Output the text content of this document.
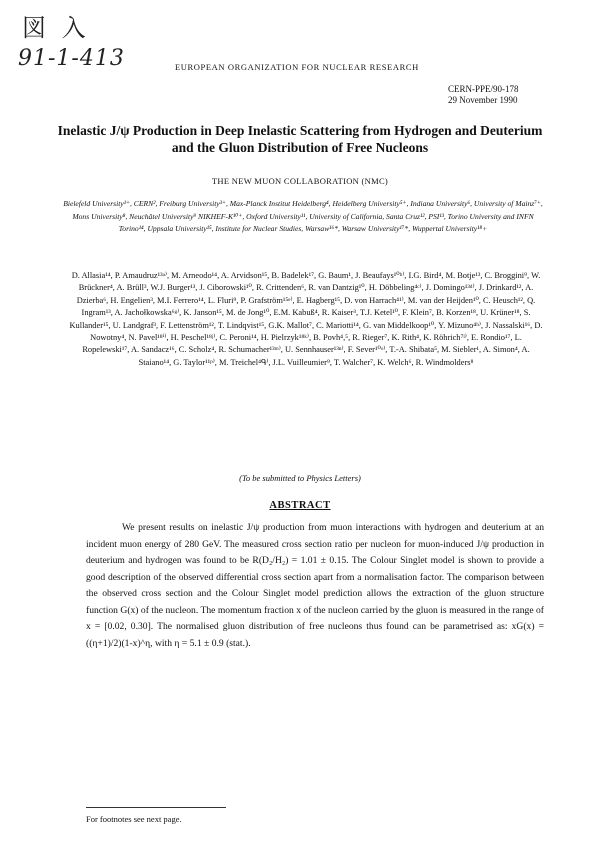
図 入
91-1-413	EUROPEAN ORGANIZATION FOR NUCLEAR RESEARCH
CERN-PPE/90-178
29 November 1990
Inelastic J/ψ Production in Deep Inelastic Scattering from Hydrogen and Deuterium and the Gluon Distribution of Free Nucleons
THE NEW MUON COLLABORATION (NMC)
Bielefeld University¹⁺, CERN², Freiburg University³⁺, Max-Planck Institut Heidelberg⁴, Heidelberg University⁵⁺, Indiana University⁶, University of Mainz⁷⁺, Mons University⁸, Neuchâtel University⁹ NIKHEF-K¹⁰⁺, Oxford University¹¹, University of California, Santa Cruz¹², PSI¹³, Torino University and INFN Torino¹⁴, Uppsala University¹⁵, Institute for Nuclear Studies, Warsaw¹⁶*, Warsaw University¹⁷*, Wuppertal University¹⁸+
D. Allasia¹⁴, P. Amaudruz¹³ᵃ⁾, M. Arneodo¹⁴, A. Arvidson¹⁵, B. Badelek¹⁷, G. Baum¹, J. Beaufays¹⁰ᵇ⁾, I.G. Bird⁴, M. Botje¹³, C. Broggini⁹, W. Brückner⁴, A. Brüll³, W.J. Burger¹³, J. Ciborowski¹⁰, R. Crittenden⁶, R. van Dantzig¹⁰, H. Döbbeling⁴ᶜ⁾, J. Domingo¹³ᵈ⁾, J. Drinkard¹², A. Dzierba⁶, H. Engelien³, M.I. Ferrero¹⁴, L. Fluri⁹, P. Grafström¹⁵ᵉ⁾, E. Hagberg¹⁵, D. von Harrach⁴¹⁾, M. van der Heijden¹⁰, C. Heusch¹², Q. Ingram¹³, A. Jachołkowska⁶ᵍ⁾, K. Janson¹⁵, M. de Jong¹⁰, E.M. Kabuß⁴, R. Kaiser³, T.J. Ketel¹⁰, F. Klein⁷, B. Korzen¹⁸, U. Krüner¹⁸, S. Kullander¹⁵, U. Landgraf³, F. Lettenström¹², T. Lindqvist¹⁵, G.K. Mallot⁷, C. Mariotti¹⁴, G. van Middelkoop¹⁰, Y. Mizuno⁴ʰ⁾, J. Nassalski¹⁶, D. Nowotny⁴, N. Pavel¹⁸ⁱ⁾, H. Peschel¹⁸ʲ⁾, C. Peroni¹⁴, H. Pielrzyk¹⁸ᵏ⁾, B. Povh⁴,⁵, R. Rieger⁷, K. Rith⁴, K. Röhrich⁷ˡ⁾, E. Rondio¹⁷, L. Ropelewski¹⁷, A. Sandacz¹⁶, C. Scholz⁴, R. Schumacher¹³ᵐ⁾, U. Sennhauser¹³ⁿ⁾, F. Sever¹⁰ᵒ⁾, T.-A. Shibata⁵, M. Siebler¹, A. Simon⁴, A. Staiano¹⁴, G. Taylor¹¹ᵖ⁾, M. Treichel⁴ᑫ⁾, J.L. Vuilleumier⁹, T. Walcher⁷, K. Welch⁶, R. Windmolders⁸
(To be submitted to Physics Letters)
ABSTRACT
We present results on inelastic J/ψ production from muon interactions with hydrogen and deuterium at an incident muon energy of 280 GeV. The measured cross section ratio per nucleon for muon-induced J/ψ production in deuterium and hydrogen was found to be R(D₂/H₂) = 1.01 ± 0.15. The Colour Singlet model is shown to provide a good description of the observed differential cross section apart from a normalisation factor. The comparison between the observed cross section and the Colour Singlet model prediction allows the extraction of the gluon structure function G(x) of the nucleon. The momentum fraction x of the nucleon carried by the gluon is measured in the range of x = [0.02, 0.30]. The normalised gluon distribution of free nucleons thus found can be parametrised as: xG(x) = ((η+1)/2)(1-x)^η, with η = 5.1 ± 0.9 (stat.).
For footnotes see next page.
